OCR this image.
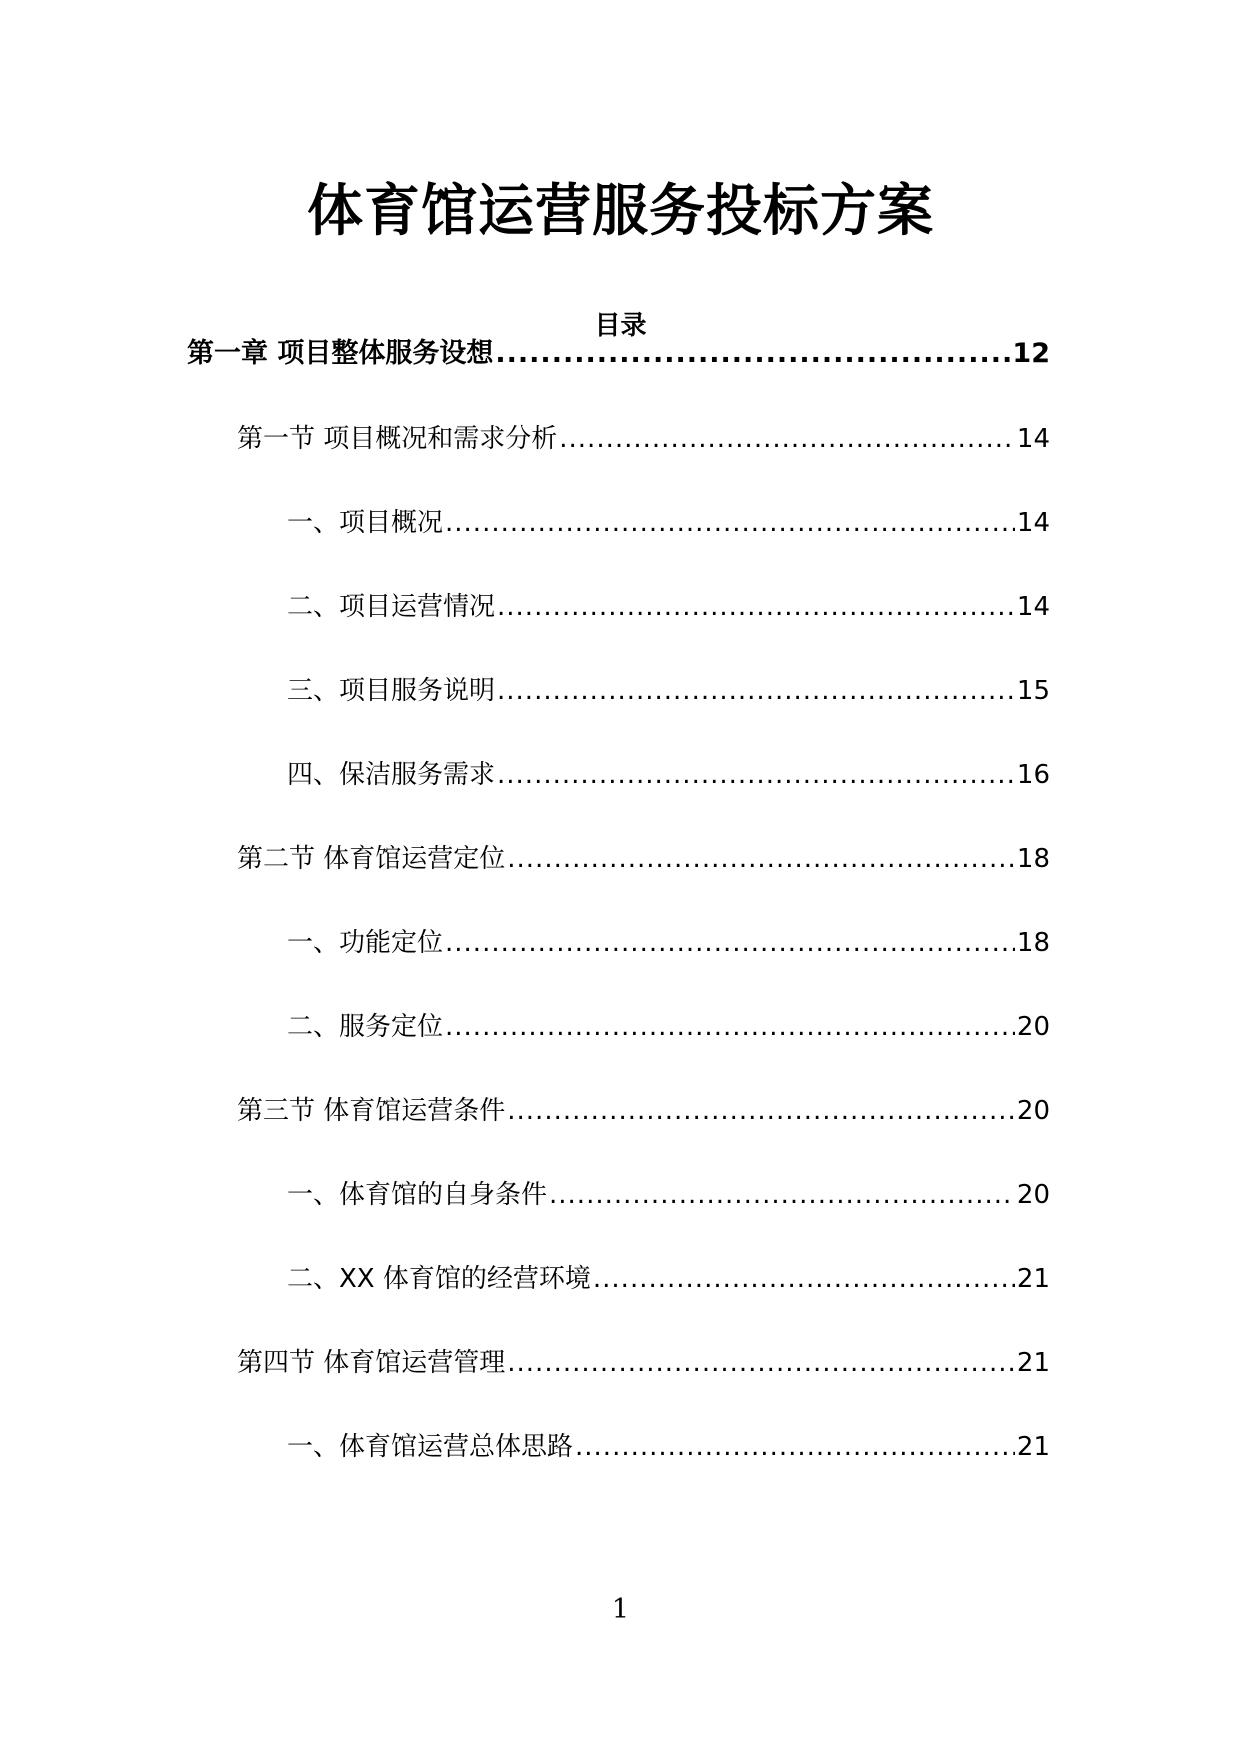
体育馆运营服务投标方案
目录
第一章 项目整体服务设想 .....	12
第一节 项目概况和需求分析 .....	14
一、项目概况 .....	14
二、项目运营情况 .....	14
三、项目服务说明 .....	15
四、保洁服务需求 .....	16
第二节 体育馆运营定位 .....	18
一、功能定位 .....	18
二、服务定位 .....	20
第三节 体育馆运营条件 .....	20
一、体育馆的自身条件 .....	20
二、XX 体育馆的经营环境 .....	21
第四节 体育馆运营管理 .....	21
一、体育馆运营总体思路 .....	21
1
